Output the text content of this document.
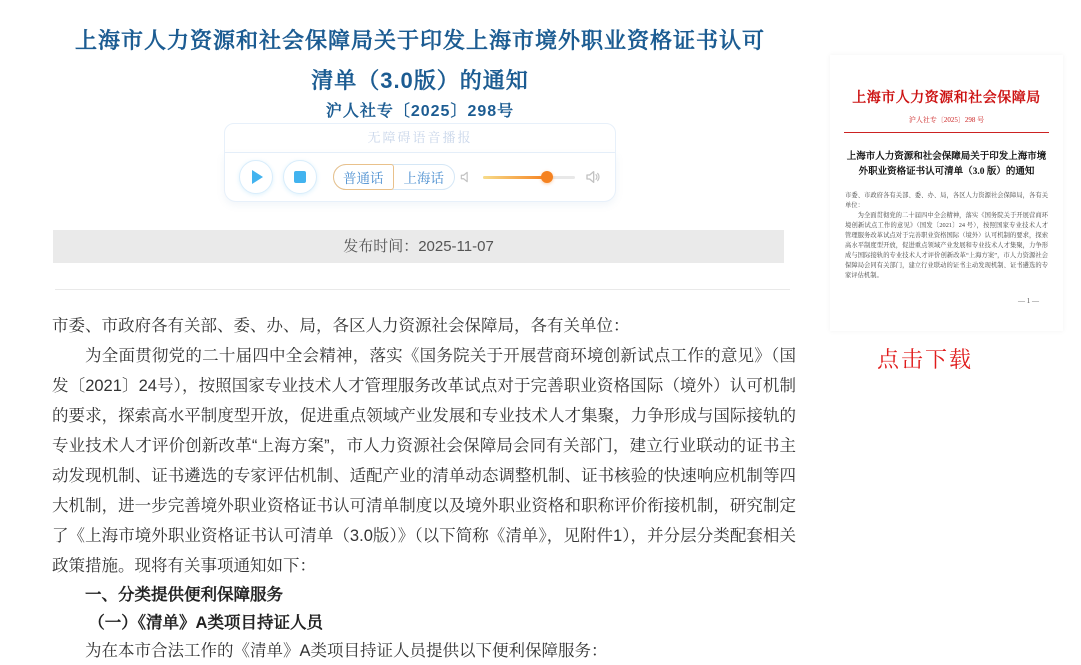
上海市人力资源和社会保障局关于印发上海市境外职业资格证书认可
清单（3.0版）的通知
沪人社专〔2025〕298号
无障碍语音播报
普通话	上海话
发布时间：2025-11-07

市委、市政府各有关部、委、办、局，各区人力资源社会保障局，各有关单位：

为全面贯彻党的二十届四中全会精神，落实《国务院关于开展营商环境创新试点工作的意见》（国发〔2021〕24号），按照国家专业技术人才管理服务改革试点对于完善职业资格国际（境外）认可机制的要求，探索高水平制度型开放，促进重点领域产业发展和专业技术人才集聚，力争形成与国际接轨的专业技术人才评价创新改革“上海方案”，市人力资源社会保障局会同有关部门，建立行业联动的证书主动发现机制、证书遴选的专家评估机制、适配产业的清单动态调整机制、证书核验的快速响应机制等四大机制，进一步完善境外职业资格证书认可清单制度以及境外职业资格和职称评价衔接机制，研究制定了《上海市境外职业资格证书认可清单（3.0版）》（以下简称《清单》，见附件1），并分层分类配套相关政策措施。现将有关事项通知如下：

一、分类提供便利保障服务

（一）《清单》A类项目持证人员

为在本市合法工作的《清单》A类项目持证人员提供以下便利保障服务：

上海市人力资源和社会保障局
沪人社专〔2025〕298 号
上海市人力资源和社会保障局关于印发上海市境外职业资格证书认可清单（3.0 版）的通知

市委、市政府各有关部、委、办、局，各区人力资源社会保障局，各有关单位：

为全面贯彻党的二十届四中全会精神，落实《国务院关于开展营商环境创新试点工作的意见》（国发〔2021〕24 号），按照国家专业技术人才管理服务改革试点对于完善职业资格国际（境外）认可机制的要求，探索高水平制度型开放，促进重点领域产业发展和专业技术人才集聚，力争形成与国际接轨的专业技术人才评价创新改革“上海方案”，市人力资源社会保障局会同有关部门，建立行业联动的证书主动发现机制、证书遴选的专家评估机制。

— 1 —
点击下载
